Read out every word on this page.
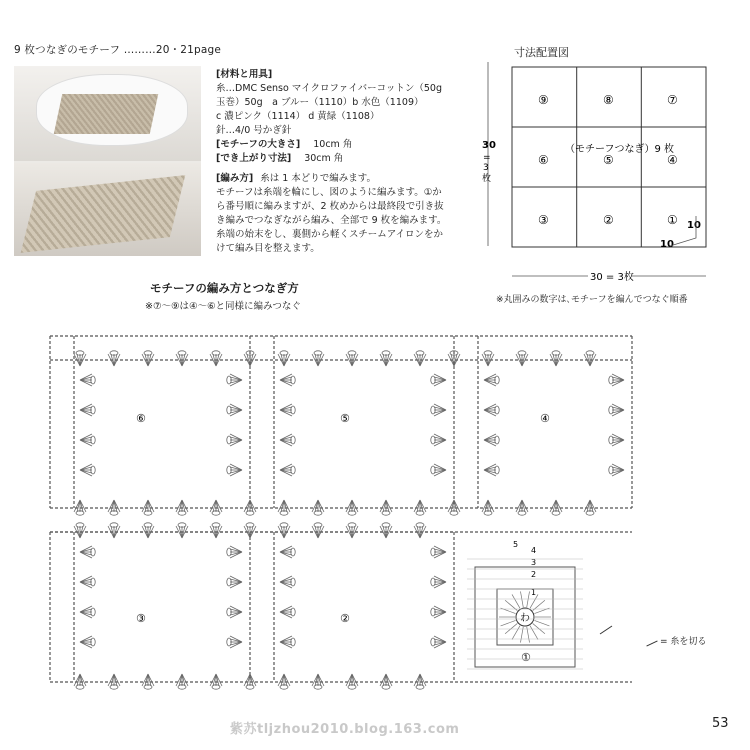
9 枚つなぎのモチーフ ………20・21page
[材料と用具]
糸…DMC Senso マイクロファイバーコットン（50g
玉巻）50g　a ブルー（1110）b 水色（1109）
c 濃ピンク（1114） d 黄緑（1108）
針…4/0 号かぎ針
[モチーフの大きさ] 10cm 角
[でき上がり寸法] 30cm 角
[編み方] 糸は 1 本どりで編みます。
モチーフは糸端を輪にし、図のように編みます。①か
ら番号順に編みますが、2 枚めからは最終段で引き抜
き編みでつなぎながら編み、全部で 9 枚を編みます。
糸端の始末をし、裏側から軽くスチームアイロンをか
けて編み目を整えます。
寸法配置図
30
=
3
枚
⑨	⑧	⑦
⑥	⑤	④
③	②	①
（モチーフつなぎ）9 枚
10
10
30 = 3枚
※丸囲みの数字は､モチーフを編んでつなぐ順番
モチーフの編み方とつなぎ方
※⑦〜⑨は④〜⑥と同様に編みつなぐ
⑥	⑤	④
③	②	わ
①
5
4
3
2
1
= 糸を切る
紫苏tljzhou2010.blog.163.com	53
